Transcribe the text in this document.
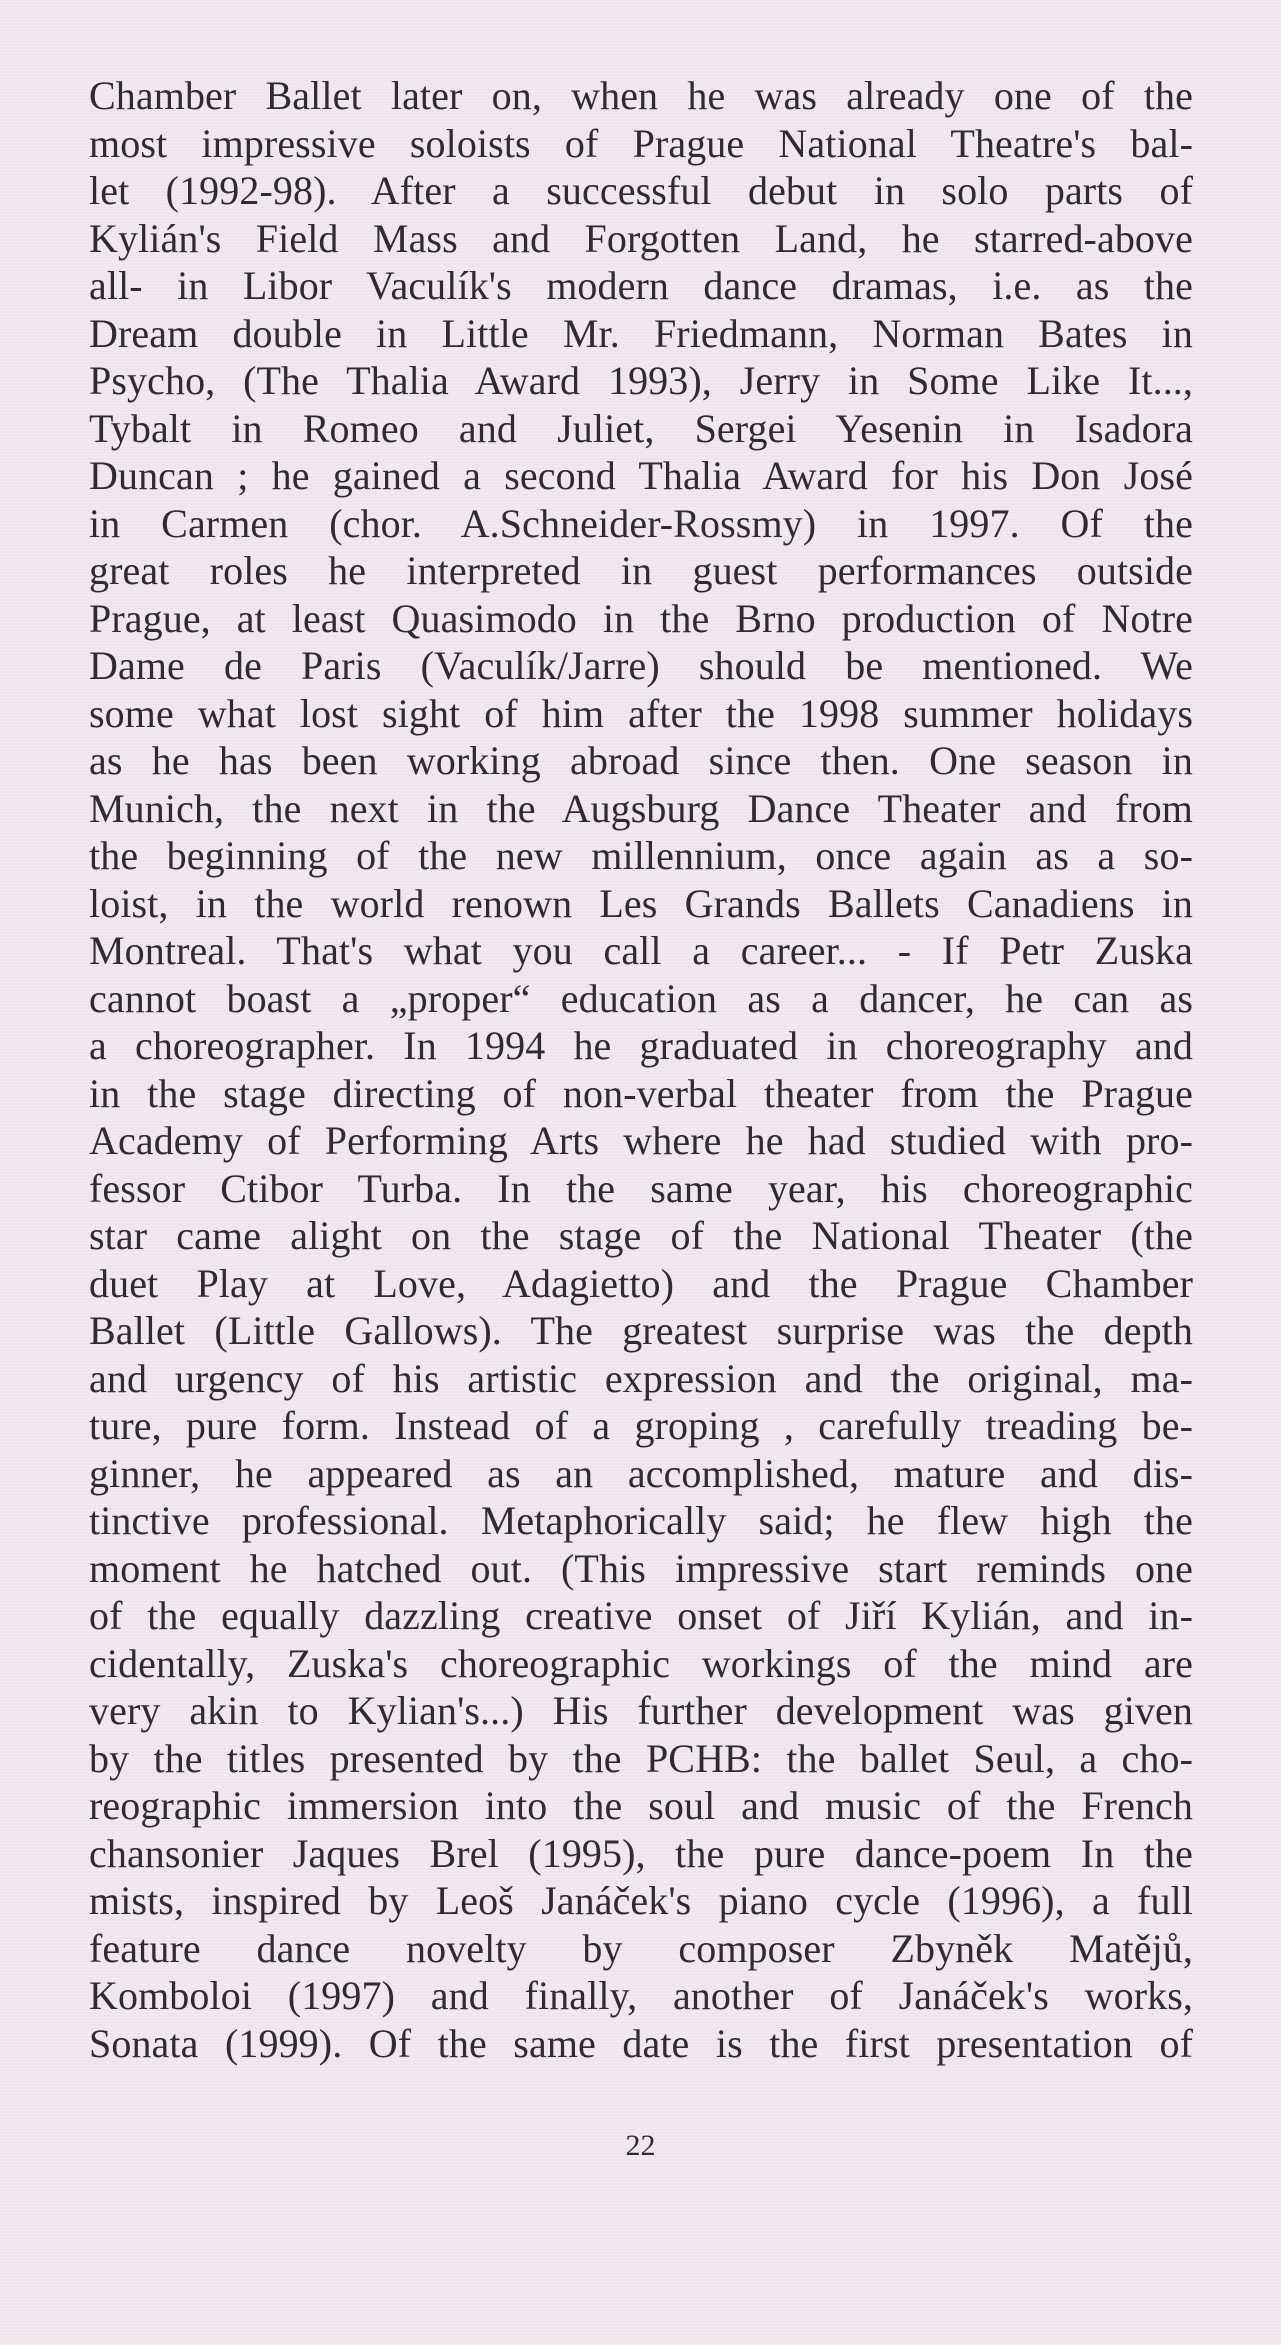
Chamber Ballet later on, when he was already one of the
most impressive soloists of Prague National Theatre's bal-
let (1992-98). After a successful debut in solo parts of
Kylián's Field Mass and Forgotten Land, he starred-above
all- in Libor Vaculík's modern dance dramas, i.e. as the
Dream double in Little Mr. Friedmann, Norman Bates in
Psycho, (The Thalia Award 1993), Jerry in Some Like It...,
Tybalt in Romeo and Juliet, Sergei Yesenin in Isadora
Duncan ; he gained a second Thalia Award for his Don José
in Carmen (chor. A.Schneider-Rossmy) in 1997. Of the
great roles he interpreted in guest performances outside
Prague, at least Quasimodo in the Brno production of Notre
Dame de Paris (Vaculík/Jarre) should be mentioned. We
some what lost sight of him after the 1998 summer holidays
as he has been working abroad since then. One season in
Munich, the next in the Augsburg Dance Theater and from
the beginning of the new millennium, once again as a so-
loist, in the world renown Les Grands Ballets Canadiens in
Montreal. That's what you call a career... - If Petr Zuska
cannot boast a „proper“ education as a dancer, he can as
a choreographer. In 1994 he graduated in choreography and
in the stage directing of non-verbal theater from the Prague
Academy of Performing Arts where he had studied with pro-
fessor Ctibor Turba. In the same year, his choreographic
star came alight on the stage of the National Theater (the
duet Play at Love, Adagietto) and the Prague Chamber
Ballet (Little Gallows). The greatest surprise was the depth
and urgency of his artistic expression and the original, ma-
ture, pure form. Instead of a groping , carefully treading be-
ginner, he appeared as an accomplished, mature and dis-
tinctive professional. Metaphorically said; he flew high the
moment he hatched out. (This impressive start reminds one
of the equally dazzling creative onset of Jiří Kylián, and in-
cidentally, Zuska's choreographic workings of the mind are
very akin to Kylian's...) His further development was given
by the titles presented by the PCHB: the ballet Seul, a cho-
reographic immersion into the soul and music of the French
chansonier Jaques Brel (1995), the pure dance-poem In the
mists, inspired by Leoš Janáček's piano cycle (1996), a full
feature dance novelty by composer Zbyněk Matějů,
Komboloi (1997) and finally, another of Janáček's works,
Sonata (1999). Of the same date is the first presentation of
22
